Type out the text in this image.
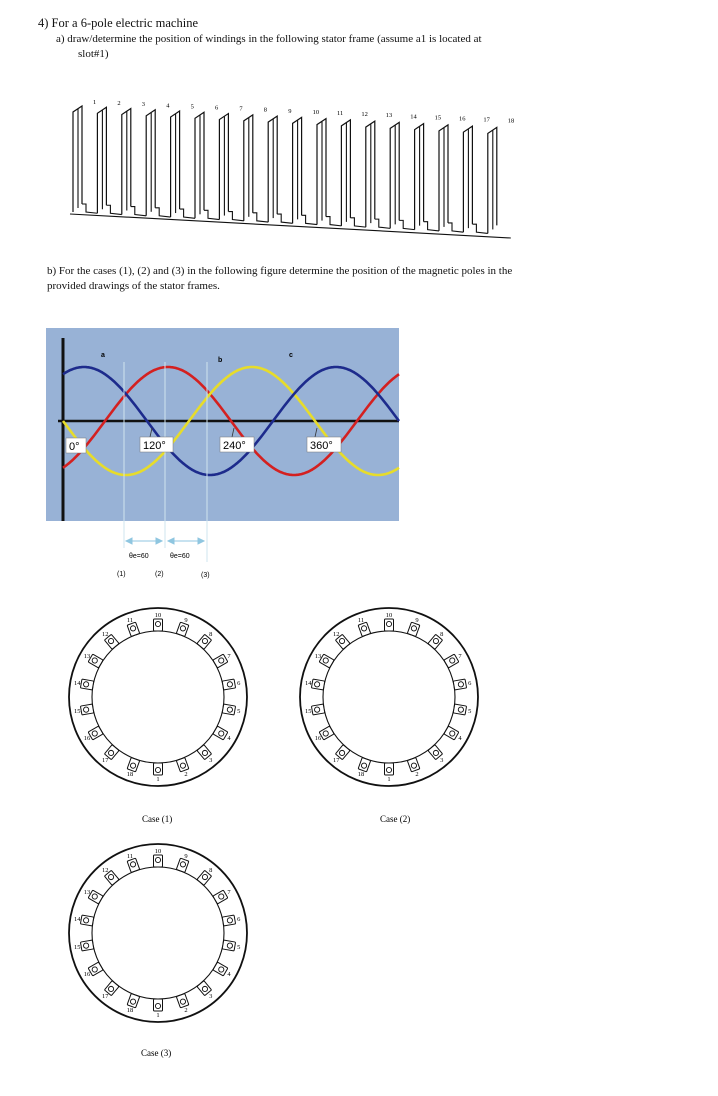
4) For a 6-pole electric machine
a) draw/determine the position of windings in the following stator frame (assume a1 is located at
slot#1)
b) For the cases (1), (2) and (3) in the following figure determine the position of the magnetic poles in the
provided drawings of the stator frames.
1	2	3	4	5	6	7	8	9	10	11	12	13	14	15	16	17	18
a
b
c
0°	120°	240°	360°
θe=60	θe=60
(1)	(2)	(3)
1
2
3
4
5
6
7
8
9
10
11
12
13
14
15
16
17
18
1
2
3
4
5
6
7
8
9
10
11
12
13
14
15
16
17
18
1
2
3
4
5
6
7
8
9
10
11
12
13
14
15
16
17
18
Case (1)	Case (2)
Case (3)
